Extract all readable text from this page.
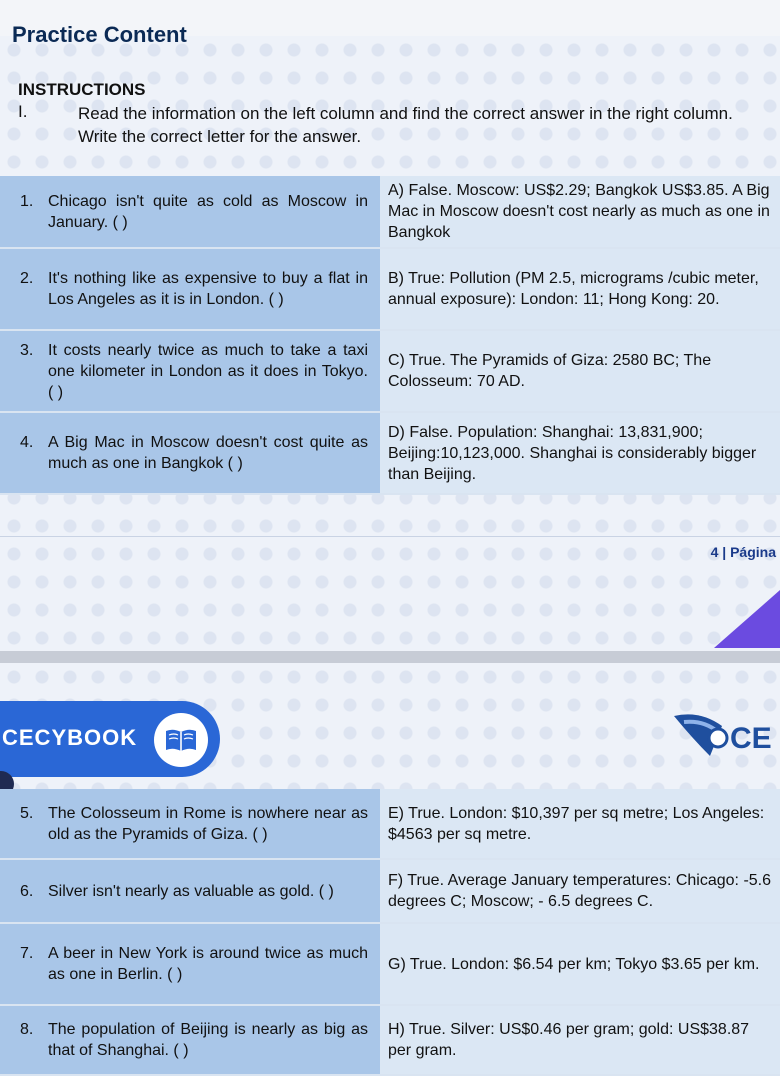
Practice Content
INSTRUCTIONS
I.	Read the information on the left column and find the correct answer in the right column. Write the correct letter for the answer.
1. Chicago isn't quite as cold as Moscow in January. ( )	A) False. Moscow: US$2.29; Bangkok US$3.85. A Big Mac in Moscow doesn't cost nearly as much as one in Bangkok
2. It's nothing like as expensive to buy a flat in Los Angeles as it is in London. ( )	B) True: Pollution (PM 2.5, micrograms /cubic meter, annual exposure): London: 11; Hong Kong: 20.
3. It costs nearly twice as much to take a taxi one kilometer in London as it does in Tokyo. ( )	C) True. The Pyramids of Giza: 2580 BC; The Colosseum: 70 AD.
4. A Big Mac in Moscow doesn't cost quite as much as one in Bangkok ( )	D) False. Population: Shanghai: 13,831,900; Beijing:10,123,000. Shanghai is considerably bigger than Beijing.
4 | Página
CECYBOOK	CE
5. The Colosseum in Rome is nowhere near as old as the Pyramids of Giza. ( )	E) True. London: $10,397 per sq metre; Los Angeles: $4563 per sq metre.
6. Silver isn't nearly as valuable as gold. ( )	F) True. Average January temperatures: Chicago: -5.6 degrees C; Moscow; - 6.5 degrees C.
7. A beer in New York is around twice as much as one in Berlin. ( )	G) True. London: $6.54 per km; Tokyo $3.65 per km.
8. The population of Beijing is nearly as big as that of Shanghai. ( )	H) True. Silver: US$0.46 per gram; gold: US$38.87 per gram.
